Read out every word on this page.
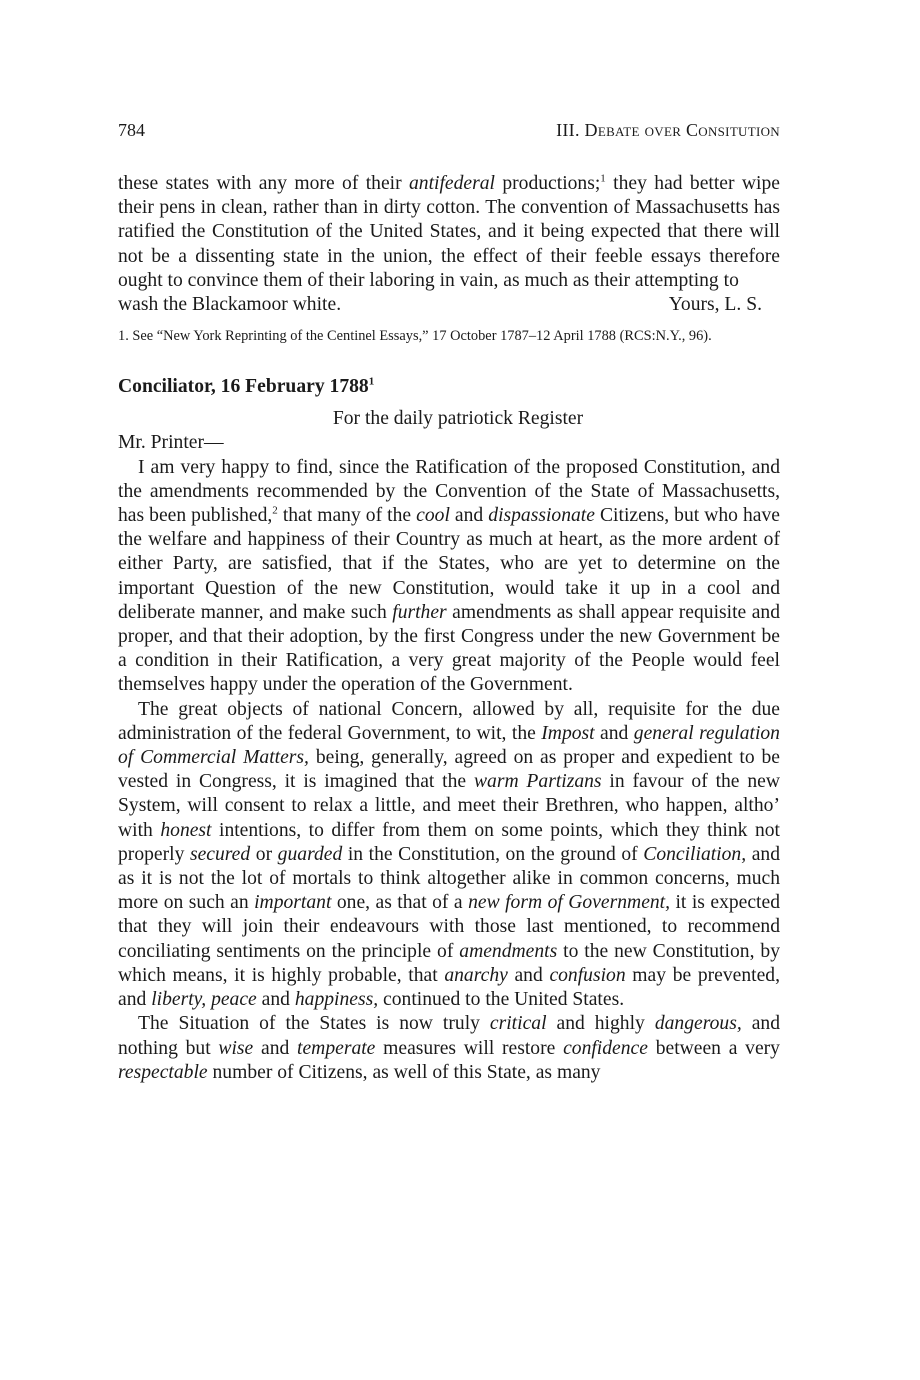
784	III. Debate over Consitution

these states with any more of their antifederal productions;$^1$ they had better wipe their pens in clean, rather than in dirty cotton. The convention of Massachusetts has ratified the Constitution of the United States, and it being expected that there will not be a dissenting state in the union, the effect of their feeble essays therefore ought to convince them of their laboring in vain, as much as their attempting to

wash the Blackamoor white.	Yours, L. S.

1. See “New York Reprinting of the Centinel Essays,” 17 October 1787–12 April 1788 (RCS:N.Y., 96).

Conciliator, 16 February 1788$^1$

For the daily patriotick Register

Mr. Printer—

I am very happy to find, since the Ratification of the proposed Constitution, and the amendments recommended by the Convention of the State of Massachusetts, has been published,$^2$ that many of the cool and dispassionate Citizens, but who have the welfare and happiness of their Country as much at heart, as the more ardent of either Party, are satisfied, that if the States, who are yet to determine on the important Question of the new Constitution, would take it up in a cool and deliberate manner, and make such further amendments as shall appear requisite and proper, and that their adoption, by the first Congress under the new Government be a condition in their Ratification, a very great majority of the People would feel themselves happy under the operation of the Government.

The great objects of national Concern, allowed by all, requisite for the due administration of the federal Government, to wit, the Impost and general regulation of Commercial Matters, being, generally, agreed on as proper and expedient to be vested in Congress, it is imagined that the warm Partizans in favour of the new System, will consent to relax a little, and meet their Brethren, who happen, altho’ with honest intentions, to differ from them on some points, which they think not properly secured or guarded in the Constitution, on the ground of Conciliation, and as it is not the lot of mortals to think altogether alike in common concerns, much more on such an important one, as that of a new form of Government, it is expected that they will join their endeavours with those last mentioned, to recommend conciliating sentiments on the principle of amendments to the new Constitution, by which means, it is highly probable, that anarchy and confusion may be prevented, and liberty, peace and happiness, continued to the United States.

The Situation of the States is now truly critical and highly dangerous, and nothing but wise and temperate measures will restore confidence between a very respectable number of Citizens, as well of this State, as many
